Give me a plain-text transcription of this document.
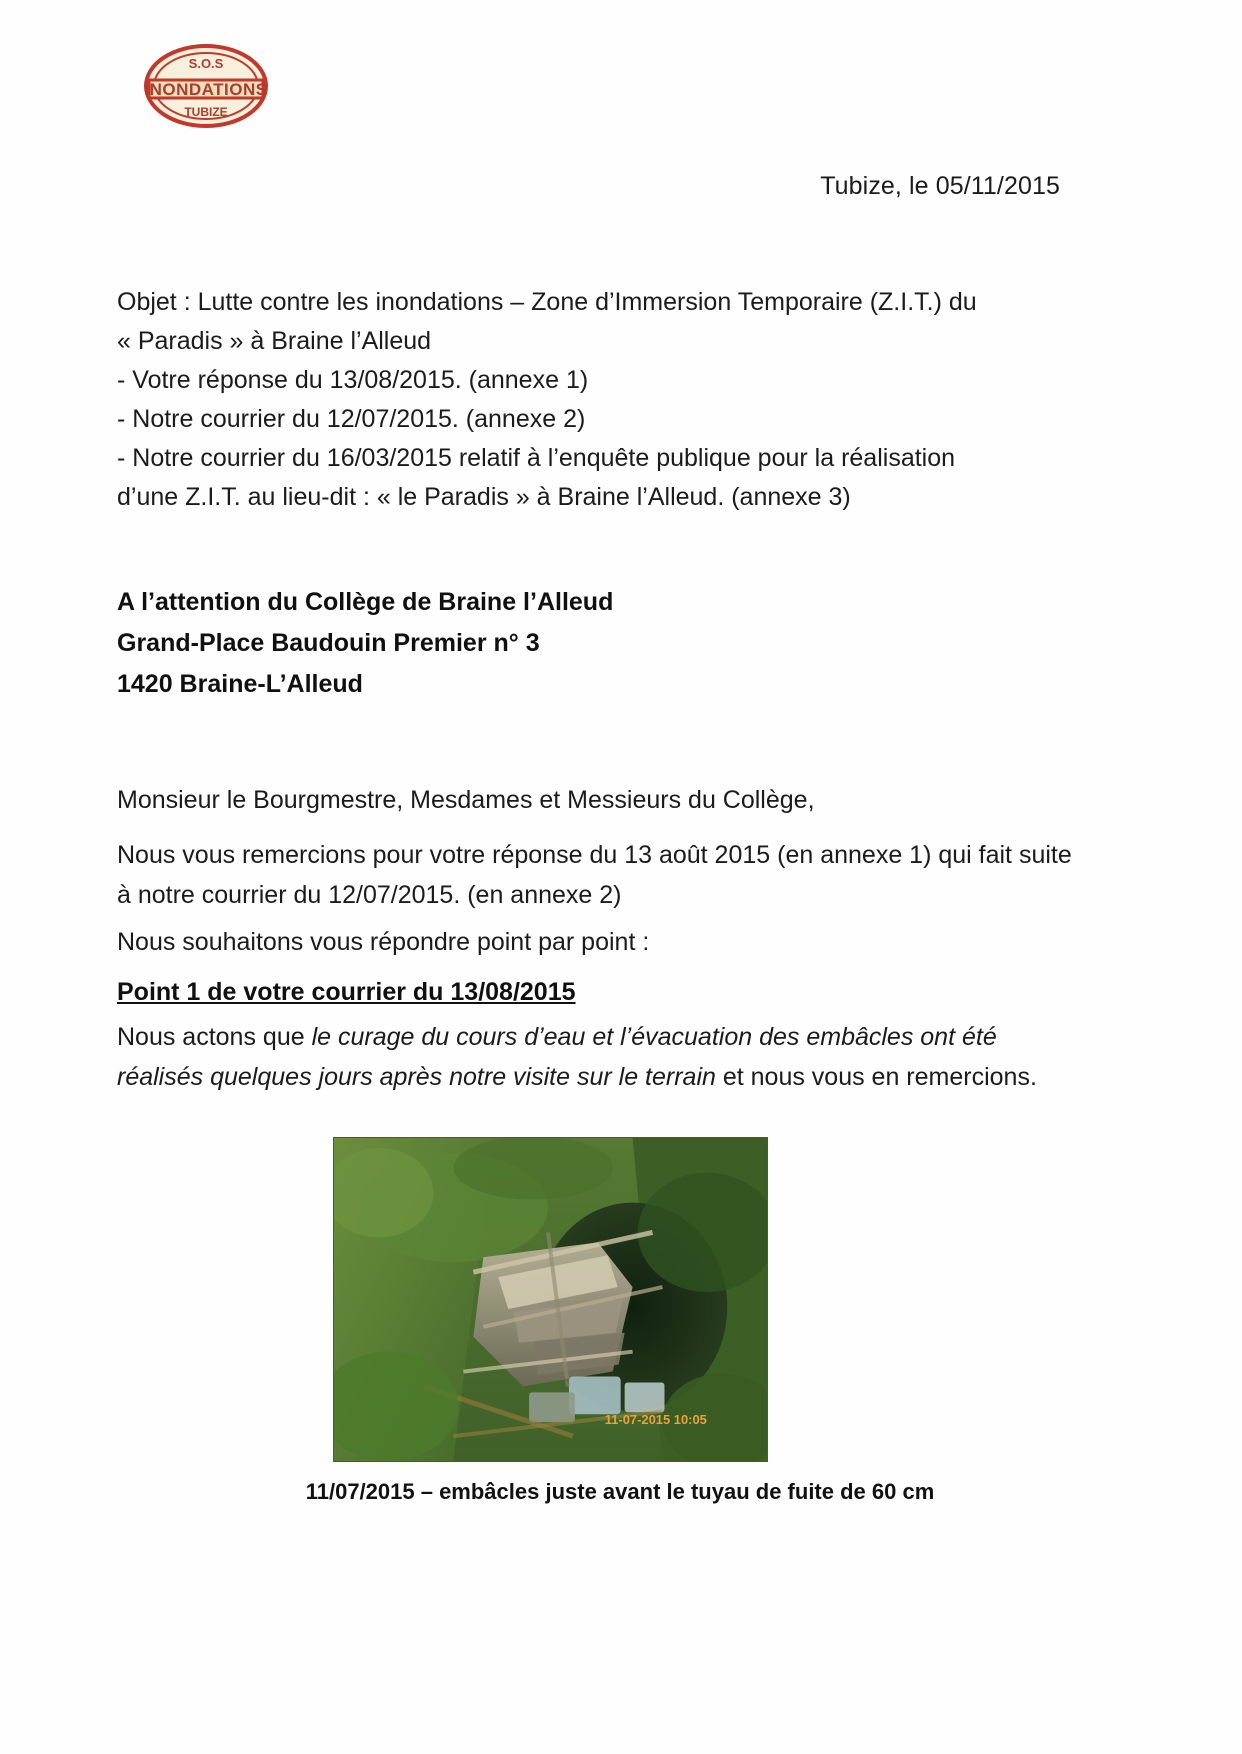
S.O.S
INONDATIONS
TUBIZE
Tubize, le 05/11/2015

Objet : Lutte contre les inondations – Zone d’Immersion Temporaire (Z.I.T.) du

« Paradis » à Braine l’Alleud

- Votre réponse du 13/08/2015. (annexe 1)

- Notre courrier du 12/07/2015. (annexe 2)

- Notre courrier du 16/03/2015 relatif à l’enquête publique pour la réalisation

d’une Z.I.T. au lieu-dit : « le Paradis » à Braine l’Alleud. (annexe 3)

A l’attention du Collège de Braine l’Alleud

Grand-Place Baudouin Premier n° 3

1420 Braine-L’Alleud

Monsieur le Bourgmestre, Mesdames et Messieurs du Collège,
Nous vous remercions pour votre réponse du 13 août 2015 (en annexe 1) qui fait suite à notre courrier du 12/07/2015. (en annexe 2)
Nous souhaitons vous répondre point par point :
Point 1 de votre courrier du 13/08/2015
Nous actons que le curage du cours d’eau et l’évacuation des embâcles ont été réalisés quelques jours après notre visite sur le terrain et nous vous en remercions.
11-07-2015 10:05
11/07/2015 – embâcles juste avant le tuyau de fuite de 60 cm
